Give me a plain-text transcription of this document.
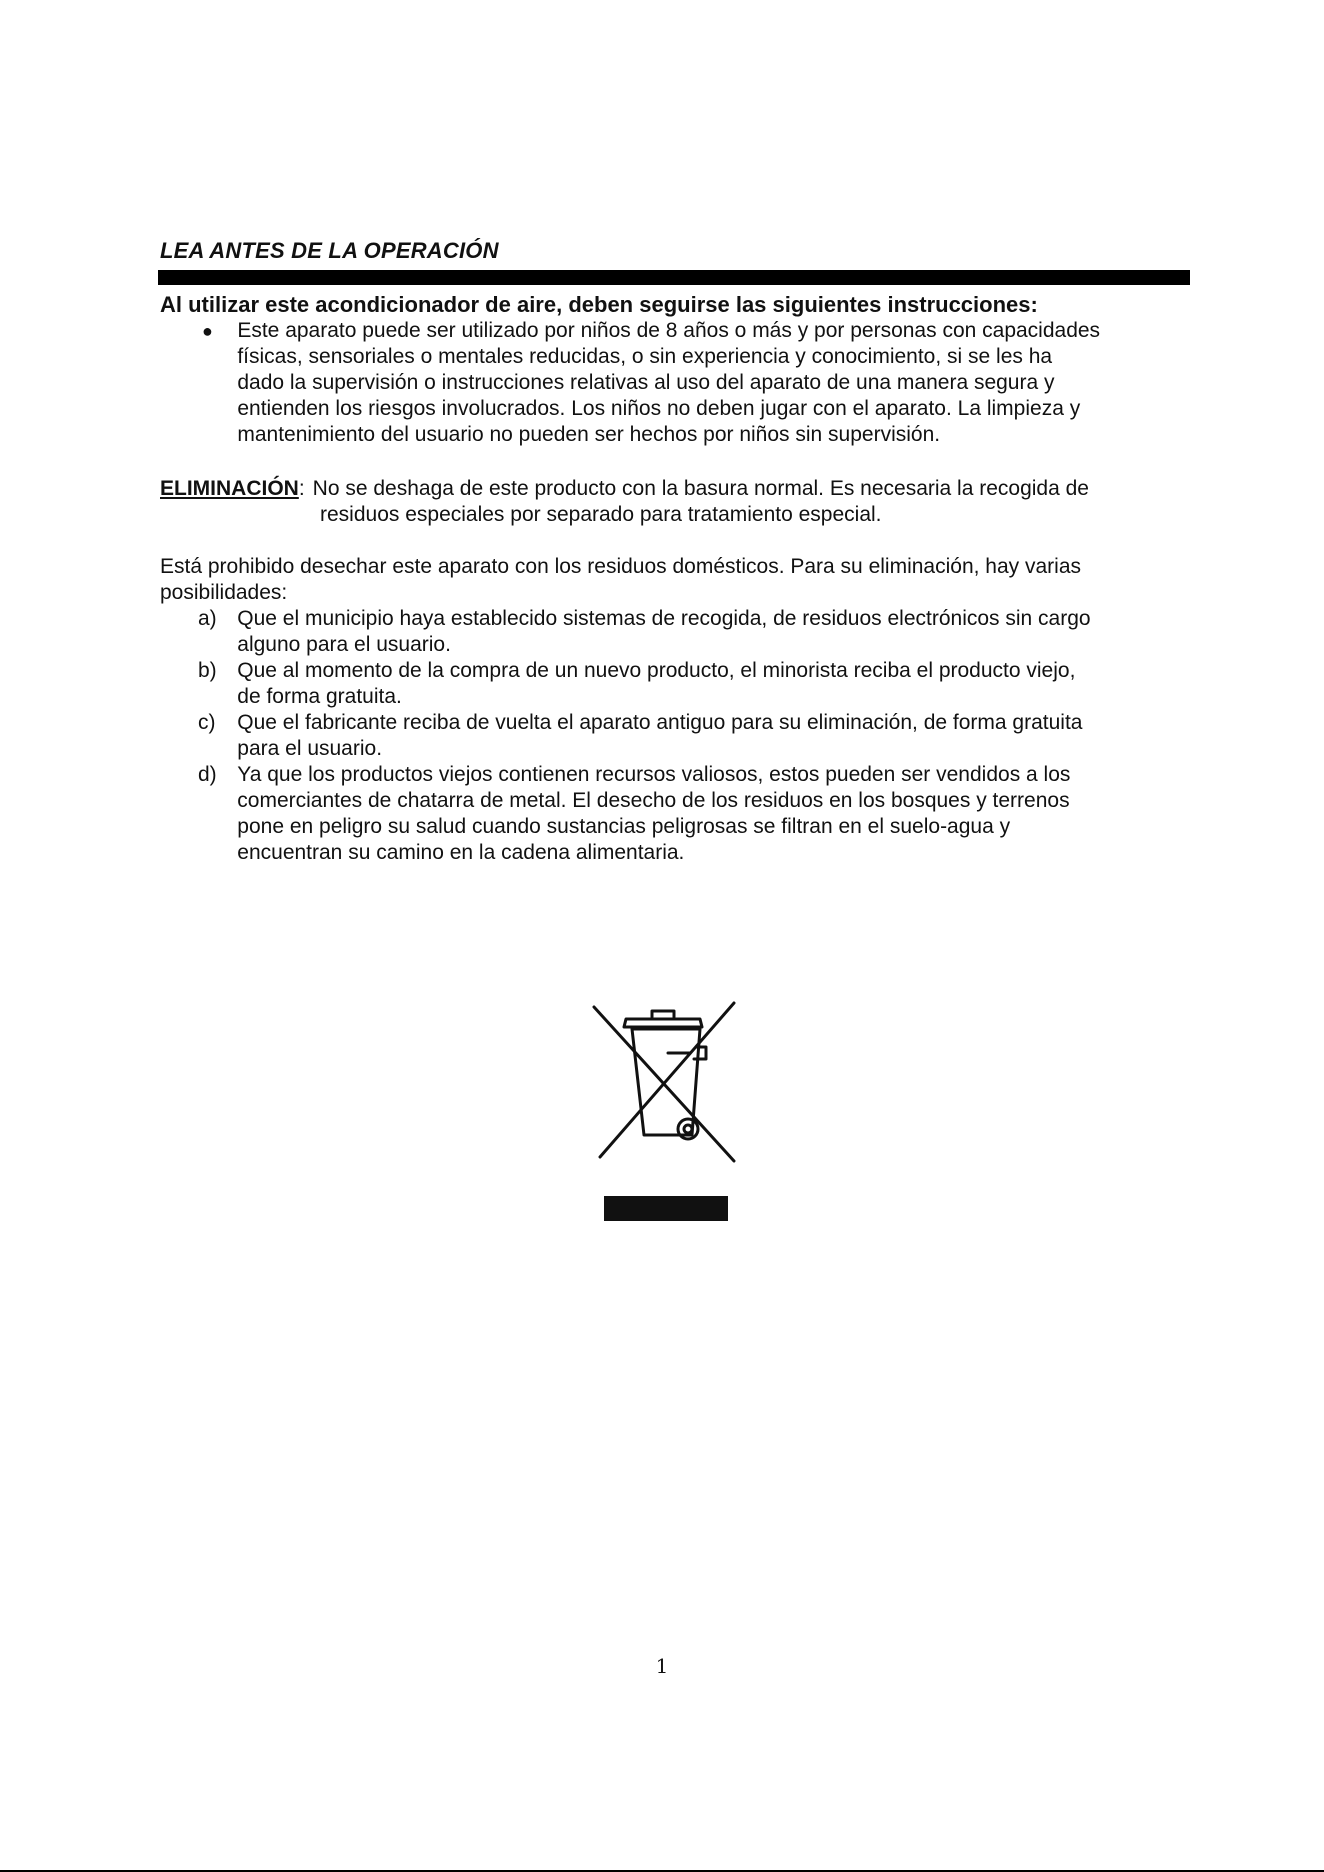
LEA ANTES DE LA OPERACIÓN
Al utilizar este acondicionador de aire, deben seguirse las siguientes instrucciones:
●	Este aparato puede ser utilizado por niños de 8 años o más y por personas con capacidades
físicas, sensoriales o mentales reducidas, o sin experiencia y conocimiento, si se les ha
dado la supervisión o instrucciones relativas al uso del aparato de una manera segura y
entienden los riesgos involucrados. Los niños no deben jugar con el aparato. La limpieza y
mantenimiento del usuario no pueden ser hechos por niños sin supervisión.
ELIMINACIÓN: No se deshaga de este producto con la basura normal. Es necesaria la recogida de
residuos especiales por separado para tratamiento especial.
Está prohibido desechar este aparato con los residuos domésticos. Para su eliminación, hay varias
posibilidades:
a) Que el municipio haya establecido sistemas de recogida, de residuos electrónicos sin cargo
alguno para el usuario.
b) Que al momento de la compra de un nuevo producto, el minorista reciba el producto viejo,
de forma gratuita.
c)	Que el fabricante reciba de vuelta el aparato antiguo para su eliminación, de forma gratuita
para el usuario.
d) Ya que los productos viejos contienen recursos valiosos, estos pueden ser vendidos a los
comerciantes de chatarra de metal. El desecho de los residuos en los bosques y terrenos
pone en peligro su salud cuando sustancias peligrosas se filtran en el suelo-agua y
encuentran su camino en la cadena alimentaria.
1
